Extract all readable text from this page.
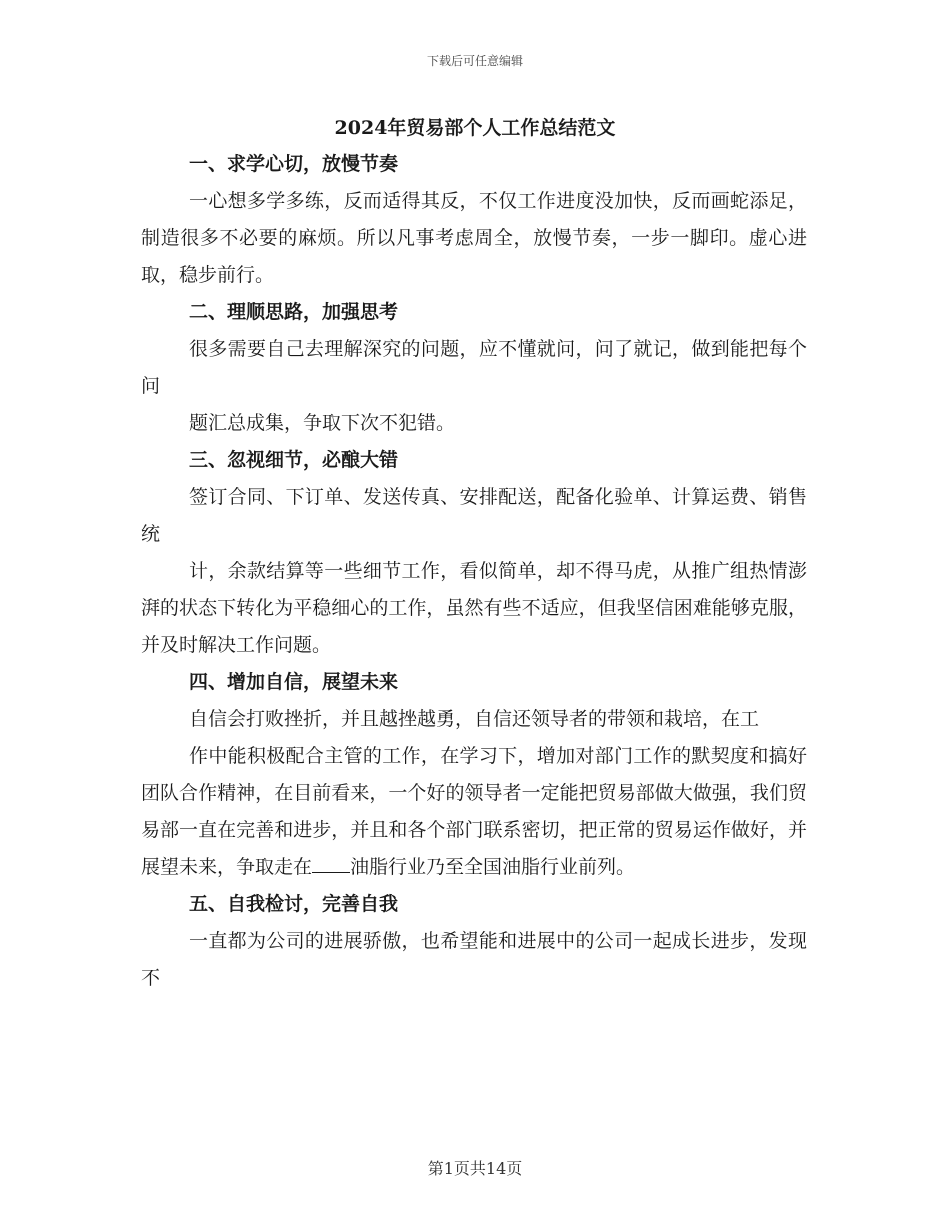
下载后可任意编辑
2024年贸易部个人工作总结范文
一、求学心切，放慢节奏

一心想多学多练，反而适得其反，不仅工作进度没加快，反而画蛇添足，制造很多不必要的麻烦。所以凡事考虑周全，放慢节奏，一步一脚印。虚心进取，稳步前行。

二、理顺思路，加强思考

很多需要自己去理解深究的问题，应不懂就问，问了就记，做到能把每个问

题汇总成集，争取下次不犯错。

三、忽视细节，必酿大错

签订合同、下订单、发送传真、安排配送，配备化验单、计算运费、销售统

计，余款结算等一些细节工作，看似简单，却不得马虎，从推广组热情澎湃的状态下转化为平稳细心的工作，虽然有些不适应，但我坚信困难能够克服，并及时解决工作问题。

四、增加自信，展望未来

自信会打败挫折，并且越挫越勇，自信还领导者的带领和栽培，在工

作中能积极配合主管的工作，在学习下，增加对部门工作的默契度和搞好团队合作精神，在目前看来，一个好的领导者一定能把贸易部做大做强，我们贸易部一直在完善和进步，并且和各个部门联系密切，把正常的贸易运作做好，并展望未来，争取走在 油脂行业乃至全国油脂行业前列。

五、自我检讨，完善自我

一直都为公司的进展骄傲，也希望能和进展中的公司一起成长进步，发现不

第1页共14页
